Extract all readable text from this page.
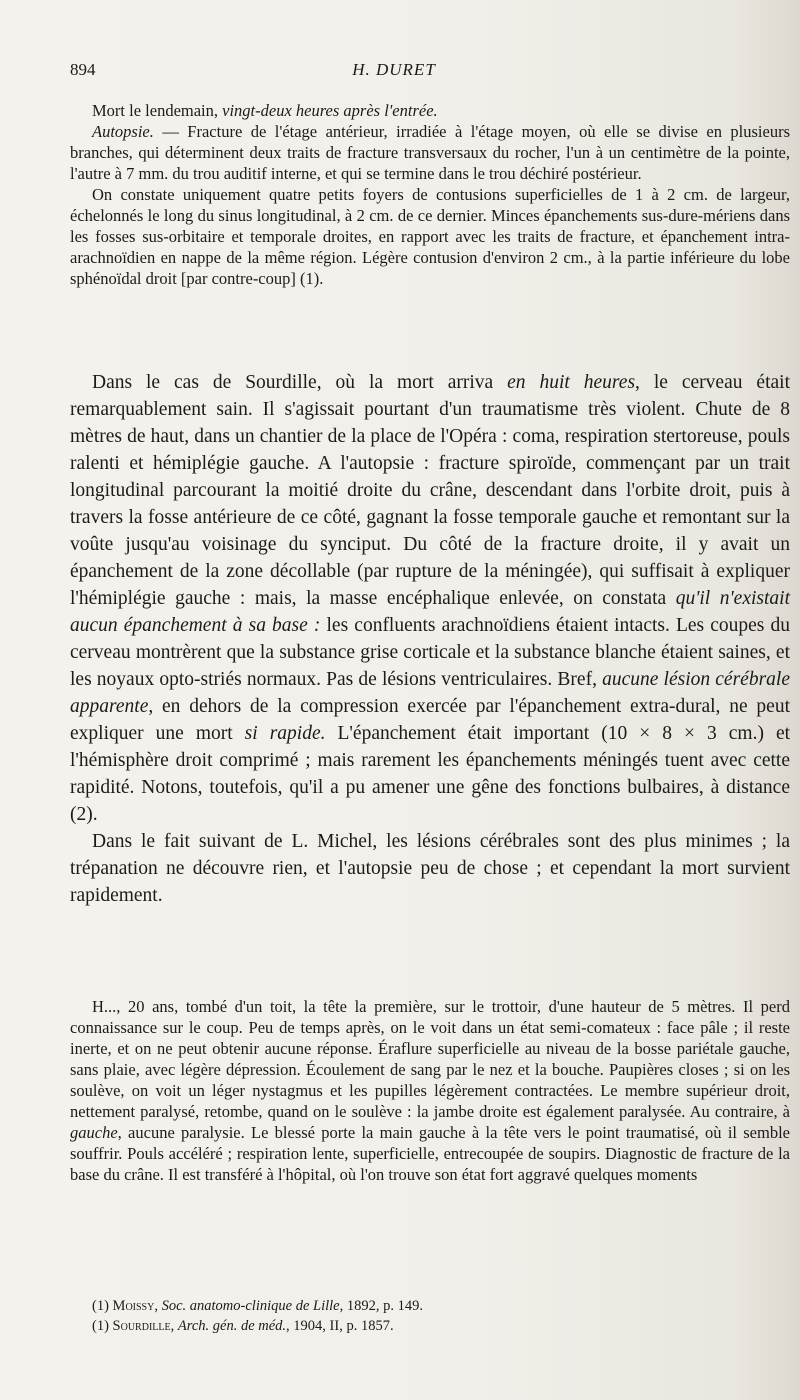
894	H. DURET

Mort le lendemain, vingt-deux heures après l'entrée.

Autopsie. — Fracture de l'étage antérieur, irradiée à l'étage moyen, où elle se divise en plusieurs branches, qui déterminent deux traits de fracture transversaux du rocher, l'un à un centimètre de la pointe, l'autre à 7 mm. du trou auditif interne, et qui se termine dans le trou déchiré postérieur.

On constate uniquement quatre petits foyers de contusions superficielles de 1 à 2 cm. de largeur, échelonnés le long du sinus longitudinal, à 2 cm. de ce dernier. Minces épanchements sus-dure-mériens dans les fosses sus-orbitaire et temporale droites, en rapport avec les traits de fracture, et épanchement intra-arachnoïdien en nappe de la même région. Légère contusion d'environ 2 cm., à la partie inférieure du lobe sphénoïdal droit [par contre-coup] (1).

Dans le cas de Sourdille, où la mort arriva en huit heures, le cerveau était remarquablement sain. Il s'agissait pourtant d'un traumatisme très violent. Chute de 8 mètres de haut, dans un chantier de la place de l'Opéra : coma, respiration stertoreuse, pouls ralenti et hémiplégie gauche. A l'autopsie : fracture spiroïde, commençant par un trait longitudinal parcourant la moitié droite du crâne, descendant dans l'orbite droit, puis à travers la fosse antérieure de ce côté, gagnant la fosse temporale gauche et remontant sur la voûte jusqu'au voisinage du synciput. Du côté de la fracture droite, il y avait un épanchement de la zone décollable (par rupture de la méningée), qui suffisait à expliquer l'hémiplégie gauche : mais, la masse encéphalique enlevée, on constata qu'il n'existait aucun épanchement à sa base : les confluents arachnoïdiens étaient intacts. Les coupes du cerveau montrèrent que la substance grise corticale et la substance blanche étaient saines, et les noyaux opto-striés normaux. Pas de lésions ventriculaires. Bref, aucune lésion cérébrale apparente, en dehors de la compression exercée par l'épanchement extra-dural, ne peut expliquer une mort si rapide. L'épanchement était important (10 × 8 × 3 cm.) et l'hémisphère droit comprimé ; mais rarement les épanchements méningés tuent avec cette rapidité. Notons, toutefois, qu'il a pu amener une gêne des fonctions bulbaires, à distance (2).

Dans le fait suivant de L. Michel, les lésions cérébrales sont des plus minimes ; la trépanation ne découvre rien, et l'autopsie peu de chose ; et cependant la mort survient rapidement.

H..., 20 ans, tombé d'un toit, la tête la première, sur le trottoir, d'une hauteur de 5 mètres. Il perd connaissance sur le coup. Peu de temps après, on le voit dans un état semi-comateux : face pâle ; il reste inerte, et on ne peut obtenir aucune réponse. Éraflure superficielle au niveau de la bosse pariétale gauche, sans plaie, avec légère dépression. Écoulement de sang par le nez et la bouche. Paupières closes ; si on les soulève, on voit un léger nystagmus et les pupilles légèrement contractées. Le membre supérieur droit, nettement paralysé, retombe, quand on le soulève : la jambe droite est également paralysée. Au contraire, à gauche, aucune paralysie. Le blessé porte la main gauche à la tête vers le point traumatisé, où il semble souffrir. Pouls accéléré ; respiration lente, superficielle, entrecoupée de soupirs. Diagnostic de fracture de la base du crâne. Il est transféré à l'hôpital, où l'on trouve son état fort aggravé quelques moments

(1) Moissy, Soc. anatomo-clinique de Lille, 1892, p. 149.

(1) Sourdille, Arch. gén. de méd., 1904, II, p. 1857.
